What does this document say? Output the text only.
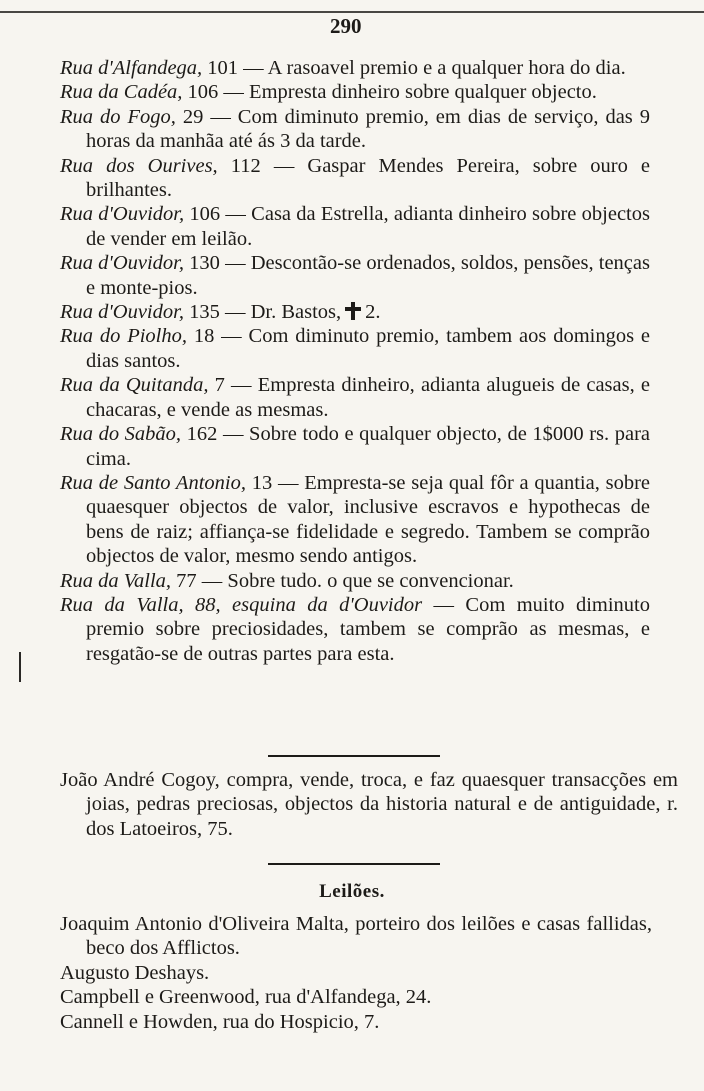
290
Rua d'Alfandega, 101 — A rasoavel premio e a qualquer hora do dia.
Rua da Cadéa, 106 — Empresta dinheiro sobre qualquer objecto.
Rua do Fogo, 29 — Com diminuto premio, em dias de serviço, das 9 horas da manhãa até ás 3 da tarde.
Rua dos Ourives, 112 — Gaspar Mendes Pereira, sobre ouro e brilhantes.
Rua d'Ouvidor, 106 — Casa da Estrella, adianta dinheiro sobre objectos de vender em leilão.
Rua d'Ouvidor, 130 — Descontão-se ordenados, soldos, pensões, tenças e monte-pios.
Rua d'Ouvidor, 135 — Dr. Bastos, 2.
Rua do Piolho, 18 — Com diminuto premio, tambem aos domingos e dias santos.
Rua da Quitanda, 7 — Empresta dinheiro, adianta alugueis de casas, e chacaras, e vende as mesmas.
Rua do Sabão, 162 — Sobre todo e qualquer objecto, de 1$000 rs. para cima.
Rua de Santo Antonio, 13 — Empresta-se seja qual fôr a quantia, sobre quaesquer objectos de valor, inclusive escravos e hypothecas de bens de raiz; affiança-se fidelidade e segredo. Tambem se comprão objectos de valor, mesmo sendo antigos.
Rua da Valla, 77 — Sobre tudo. o que se convencionar.
Rua da Valla, 88, esquina da d'Ouvidor — Com muito diminuto premio sobre preciosidades, tambem se comprão as mesmas, e resgatão-se de outras partes para esta.
João André Cogoy, compra, vende, troca, e faz quaesquer transacções em joias, pedras preciosas, objectos da historia natural e de antiguidade, r. dos Latoeiros, 75.
Leilões.
Joaquim Antonio d'Oliveira Malta, porteiro dos leilões e casas fallidas, beco dos Afflictos.
Augusto Deshays.
Campbell e Greenwood, rua d'Alfandega, 24.
Cannell e Howden, rua do Hospicio, 7.
